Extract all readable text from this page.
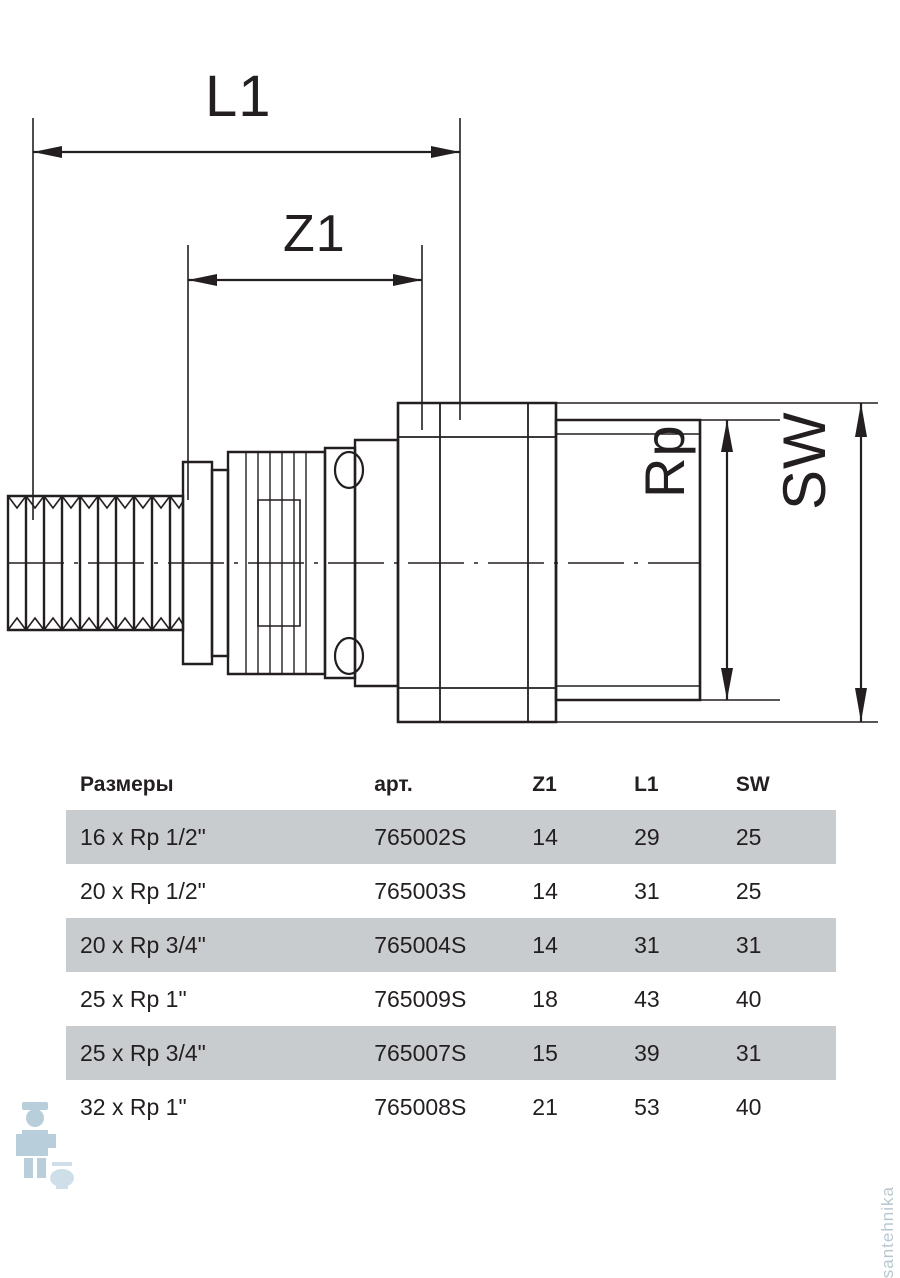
L1
Z1
Rp SW
Размеры	арт.	Z1	L1	SW
16 x Rp 1/2"	765002S	14	29	25
20 x Rp 1/2"	765003S	14	31	25
20 x Rp 3/4"	765004S	14	31	31
25 x Rp 1"	765009S	18	43	40
25 x Rp 3/4"	765007S	15	39	31
32 x Rp 1"	765008S	21	53	40
santehnika
